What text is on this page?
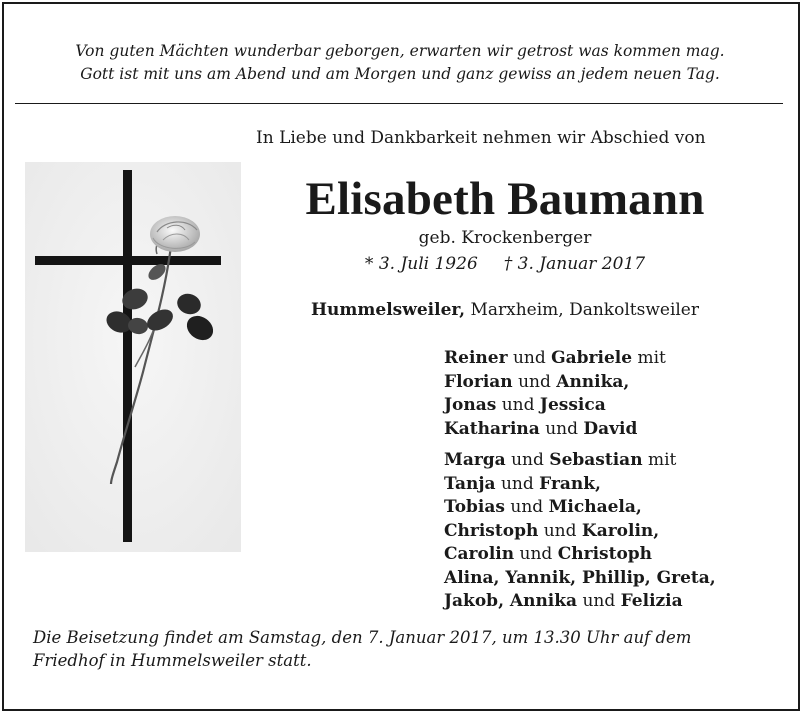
Von guten Mächten wunderbar geborgen, erwarten wir getrost was kommen mag.
Gott ist mit uns am Abend und am Morgen und ganz gewiss an jedem neuen Tag.
In Liebe und Dankbarkeit nehmen wir Abschied von
Elisabeth Baumann
geb. Krockenberger
* 3. Juli 1926 † 3. Januar 2017
Hummelsweiler, Marxheim, Dankoltsweiler
Reiner und Gabriele mit
Florian und Annika,
Jonas und Jessica
Katharina und David
Marga und Sebastian mit
Tanja und Frank,
Tobias und Michaela,
Christoph und Karolin,
Carolin und Christoph
Alina, Yannik, Phillip, Greta,
Jakob, Annika und Felizia
Die Beisetzung findet am Samstag, den 7. Januar 2017, um 13.30 Uhr auf dem
Friedhof in Hummelsweiler statt.
